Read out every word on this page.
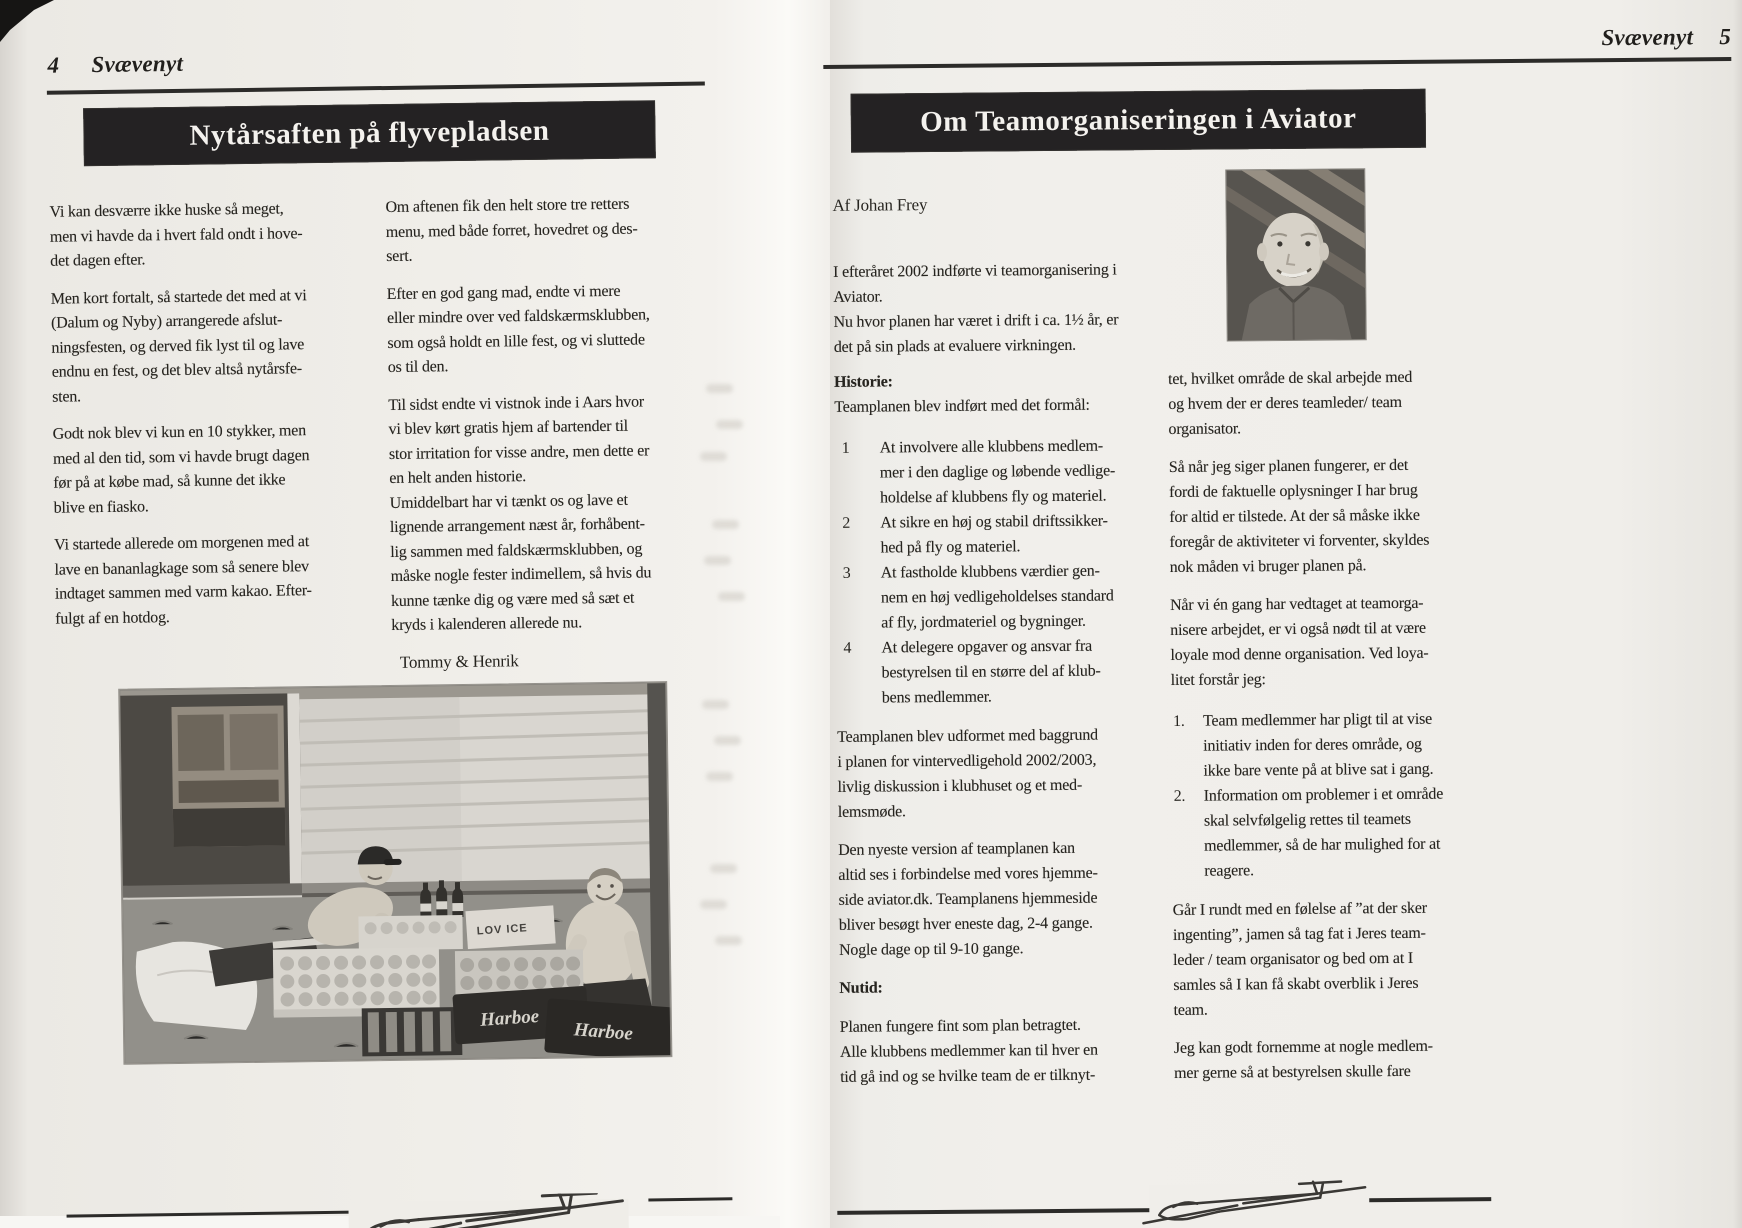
4 Svævenyt
Nytårsaften på flyvepladsen

Vi kan desværre ikke huske så meget,
men vi havde da i hvert fald ondt i hove-
det dagen efter.

Men kort fortalt, så startede det med at vi
(Dalum og Nyby) arrangerede afslut-
ningsfesten, og derved fik lyst til og lave
endnu en fest, og det blev altså nytårsfe-
sten.

Godt nok blev vi kun en 10 stykker, men
med al den tid, som vi havde brugt dagen
før på at købe mad, så kunne det ikke
blive en fiasko.

Vi startede allerede om morgenen med at
lave en bananlagkage som så senere blev
indtaget sammen med varm kakao. Efter-
fulgt af en hotdog.

Om aftenen fik den helt store tre retters
menu, med både forret, hovedret og des-
sert.

Efter en god gang mad, endte vi mere
eller mindre over ved faldskærmsklubben,
som også holdt en lille fest, og vi sluttede
os til den.

Til sidst endte vi vistnok inde i Aars hvor
vi blev kørt gratis hjem af bartender til
stor irritation for visse andre, men dette er
en helt anden historie.
Umiddelbart har vi tænkt os og lave et
lignende arrangement næst år, forhåbent-
lig sammen med faldskærmsklubben, og
måske nogle fester indimellem, så hvis du
kunne tænke dig og være med så sæt et
kryds i kalenderen allerede nu.

Tommy & Henrik

LOV ICE
Harboe
Harboe
Svævenyt 5
Om Teamorganiseringen i Aviator
Af Johan Frey

I efteråret 2002 indførte vi teamorganisering i
Aviator.
Nu hvor planen har været i drift i ca. 1½ år, er
det på sin plads at evaluere virkningen.

Historie:

Teamplanen blev indført med det formål:

1	At involvere alle klubbens medlem-
mer i den daglige og løbende vedlige-
holdelse af klubbens fly og materiel.

2	At sikre en høj og stabil driftssikker-
hed på fly og materiel.

3	At fastholde klubbens værdier gen-
nem en høj vedligeholdelses standard
af fly, jordmateriel og bygninger.

4	At delegere opgaver og ansvar fra
bestyrelsen til en større del af klub-
bens medlemmer.

Teamplanen blev udformet med baggrund
i planen for vintervedligehold 2002/2003,
livlig diskussion i klubhuset og et med-
lemsmøde.

Den nyeste version af teamplanen kan
altid ses i forbindelse med vores hjemme-
side aviator.dk. Teamplanens hjemmeside
bliver besøgt hver eneste dag, 2-4 gange.
Nogle dage op til 9-10 gange.

Nutid:

Planen fungere fint som plan betragtet.
Alle klubbens medlemmer kan til hver en
tid gå ind og se hvilke team de er tilknyt-

tet, hvilket område de skal arbejde med
og hvem der er deres teamleder/ team
organisator.

Så når jeg siger planen fungerer, er det
fordi de faktuelle oplysninger I har brug
for altid er tilstede. At der så måske ikke
foregår de aktiviteter vi forventer, skyldes
nok måden vi bruger planen på.

Når vi én gang har vedtaget at teamorga-
nisere arbejdet, er vi også nødt til at være
loyale mod denne organisation. Ved loya-
litet forstår jeg:

1.	Team medlemmer har pligt til at vise
initiativ inden for deres område, og
ikke bare vente på at blive sat i gang.

2.	Information om problemer i et område
skal selvfølgelig rettes til teamets
medlemmer, så de har mulighed for at
reagere.

Går I rundt med en følelse af ”at der sker
ingenting”, jamen så tag fat i Jeres team-
leder / team organisator og bed om at I
samles så I kan få skabt overblik i Jeres
team.

Jeg kan godt fornemme at nogle medlem-
mer gerne så at bestyrelsen skulle fare
